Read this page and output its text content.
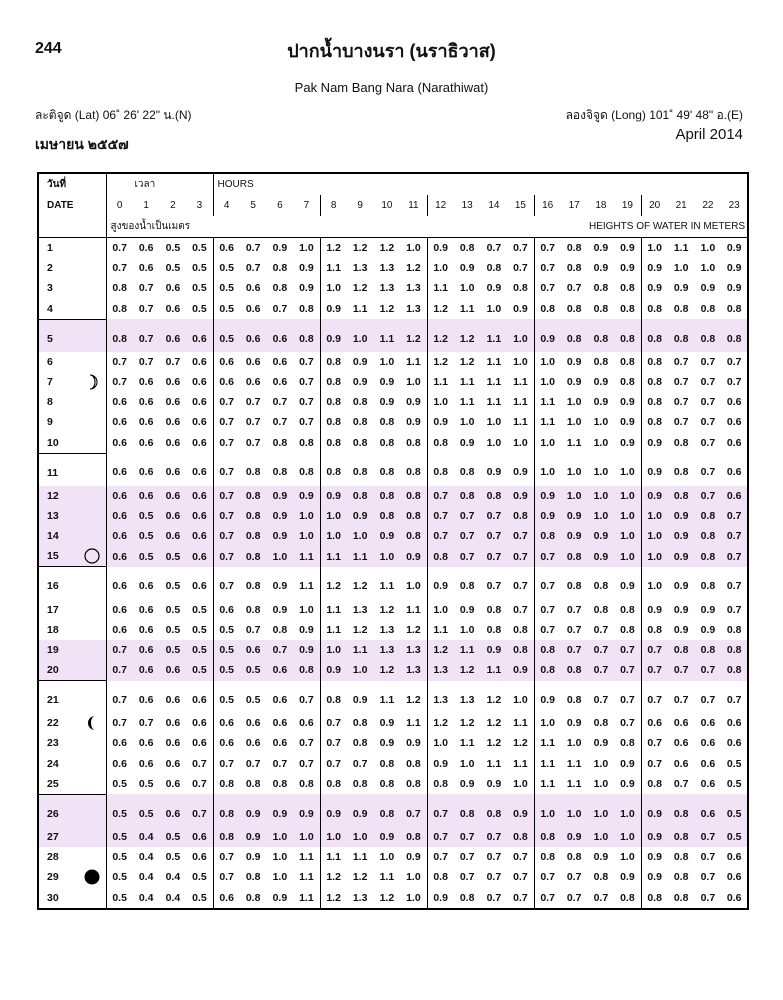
244	ปากน้ำบางนรา (นราธิวาส)
Pak Nam Bang Nara (Narathiwat)
ละติจูด (Lat) 06˚ 26' 22" น.(N)	ลองจิจูด (Long) 101˚ 49' 48" อ.(E)
เมษายน ๒๕๕๗
April 2014
วันที่	เวลา				HOURS																			
DATE	0	1	2	3	4	5	6	7	8	9	10	11	12	13	14	15	16	17	18	19	20	21	22	23
	สูงของน้ำเป็นเมตร								HEIGHTS OF WATER IN METERS															
1	0.7	0.6	0.5	0.5	0.6	0.7	0.9	1.0	1.2	1.2	1.2	1.0	0.9	0.8	0.7	0.7	0.7	0.8	0.9	0.9	1.0	1.1	1.0	0.9
2	0.7	0.6	0.5	0.5	0.5	0.7	0.8	0.9	1.1	1.3	1.3	1.2	1.0	0.9	0.8	0.7	0.7	0.8	0.9	0.9	0.9	1.0	1.0	0.9
3	0.8	0.7	0.6	0.5	0.5	0.6	0.8	0.9	1.0	1.2	1.3	1.3	1.1	1.0	0.9	0.8	0.7	0.7	0.8	0.8	0.9	0.9	0.9	0.9
4	0.8	0.7	0.6	0.5	0.5	0.6	0.7	0.8	0.9	1.1	1.2	1.3	1.2	1.1	1.0	0.9	0.8	0.8	0.8	0.8	0.8	0.8	0.8	0.8
5	0.8	0.7	0.6	0.6	0.5	0.6	0.6	0.8	0.9	1.0	1.1	1.2	1.2	1.2	1.1	1.0	0.9	0.8	0.8	0.8	0.8	0.8	0.8	0.8
6	0.7	0.7	0.7	0.6	0.6	0.6	0.6	0.7	0.8	0.9	1.0	1.1	1.2	1.2	1.1	1.0	1.0	0.9	0.8	0.8	0.8	0.7	0.7	0.7
7	0.7	0.6	0.6	0.6	0.6	0.6	0.6	0.7	0.8	0.9	0.9	1.0	1.1	1.1	1.1	1.1	1.0	0.9	0.9	0.8	0.8	0.7	0.7	0.7
8	0.6	0.6	0.6	0.6	0.7	0.7	0.7	0.7	0.8	0.8	0.9	0.9	1.0	1.1	1.1	1.1	1.1	1.0	0.9	0.9	0.8	0.7	0.7	0.6
9	0.6	0.6	0.6	0.6	0.7	0.7	0.7	0.7	0.8	0.8	0.8	0.9	0.9	1.0	1.0	1.1	1.1	1.0	1.0	0.9	0.8	0.7	0.7	0.6
10	0.6	0.6	0.6	0.6	0.7	0.7	0.8	0.8	0.8	0.8	0.8	0.8	0.8	0.9	1.0	1.0	1.0	1.1	1.0	0.9	0.9	0.8	0.7	0.6
11	0.6	0.6	0.6	0.6	0.7	0.8	0.8	0.8	0.8	0.8	0.8	0.8	0.8	0.8	0.9	0.9	1.0	1.0	1.0	1.0	0.9	0.8	0.7	0.6
12	0.6	0.6	0.6	0.6	0.7	0.8	0.9	0.9	0.9	0.8	0.8	0.8	0.7	0.8	0.8	0.9	0.9	1.0	1.0	1.0	0.9	0.8	0.7	0.6
13	0.6	0.5	0.6	0.6	0.7	0.8	0.9	1.0	1.0	0.9	0.8	0.8	0.7	0.7	0.7	0.8	0.9	0.9	1.0	1.0	1.0	0.9	0.8	0.7
14	0.6	0.5	0.6	0.6	0.7	0.8	0.9	1.0	1.0	1.0	0.9	0.8	0.7	0.7	0.7	0.7	0.8	0.9	0.9	1.0	1.0	0.9	0.8	0.7
15	0.6	0.5	0.5	0.6	0.7	0.8	1.0	1.1	1.1	1.1	1.0	0.9	0.8	0.7	0.7	0.7	0.7	0.8	0.9	1.0	1.0	0.9	0.8	0.7
16	0.6	0.6	0.5	0.6	0.7	0.8	0.9	1.1	1.2	1.2	1.1	1.0	0.9	0.8	0.7	0.7	0.7	0.8	0.8	0.9	1.0	0.9	0.8	0.7
17	0.6	0.6	0.5	0.5	0.6	0.8	0.9	1.0	1.1	1.3	1.2	1.1	1.0	0.9	0.8	0.7	0.7	0.7	0.8	0.8	0.9	0.9	0.9	0.7
18	0.6	0.6	0.5	0.5	0.5	0.7	0.8	0.9	1.1	1.2	1.3	1.2	1.1	1.0	0.8	0.8	0.7	0.7	0.7	0.8	0.8	0.9	0.9	0.8
19	0.7	0.6	0.5	0.5	0.5	0.6	0.7	0.9	1.0	1.1	1.3	1.3	1.2	1.1	0.9	0.8	0.8	0.7	0.7	0.7	0.7	0.8	0.8	0.8
20	0.7	0.6	0.6	0.5	0.5	0.5	0.6	0.8	0.9	1.0	1.2	1.3	1.3	1.2	1.1	0.9	0.8	0.8	0.7	0.7	0.7	0.7	0.7	0.8
21	0.7	0.6	0.6	0.6	0.5	0.5	0.6	0.7	0.8	0.9	1.1	1.2	1.3	1.3	1.2	1.0	0.9	0.8	0.7	0.7	0.7	0.7	0.7	0.7
22	0.7	0.7	0.6	0.6	0.6	0.6	0.6	0.6	0.7	0.8	0.9	1.1	1.2	1.2	1.2	1.1	1.0	0.9	0.8	0.7	0.6	0.6	0.6	0.6
23	0.6	0.6	0.6	0.6	0.6	0.6	0.6	0.7	0.7	0.8	0.9	0.9	1.0	1.1	1.2	1.2	1.1	1.0	0.9	0.8	0.7	0.6	0.6	0.6
24	0.6	0.6	0.6	0.7	0.7	0.7	0.7	0.7	0.7	0.7	0.8	0.8	0.9	1.0	1.1	1.1	1.1	1.1	1.0	0.9	0.7	0.6	0.6	0.5
25	0.5	0.5	0.6	0.7	0.8	0.8	0.8	0.8	0.8	0.8	0.8	0.8	0.8	0.9	0.9	1.0	1.1	1.1	1.0	0.9	0.8	0.7	0.6	0.5
26	0.5	0.5	0.6	0.7	0.8	0.9	0.9	0.9	0.9	0.9	0.8	0.7	0.7	0.8	0.8	0.9	1.0	1.0	1.0	1.0	0.9	0.8	0.6	0.5
27	0.5	0.4	0.5	0.6	0.8	0.9	1.0	1.0	1.0	1.0	0.9	0.8	0.7	0.7	0.7	0.8	0.8	0.9	1.0	1.0	0.9	0.8	0.7	0.5
28	0.5	0.4	0.5	0.6	0.7	0.9	1.0	1.1	1.1	1.1	1.0	0.9	0.7	0.7	0.7	0.7	0.8	0.8	0.9	1.0	0.9	0.8	0.7	0.6
29	0.5	0.4	0.4	0.5	0.7	0.8	1.0	1.1	1.2	1.2	1.1	1.0	0.8	0.7	0.7	0.7	0.7	0.7	0.8	0.9	0.9	0.8	0.7	0.6
30	0.5	0.4	0.4	0.5	0.6	0.8	0.9	1.1	1.2	1.3	1.2	1.0	0.9	0.8	0.7	0.7	0.7	0.7	0.7	0.8	0.8	0.8	0.7	0.6
